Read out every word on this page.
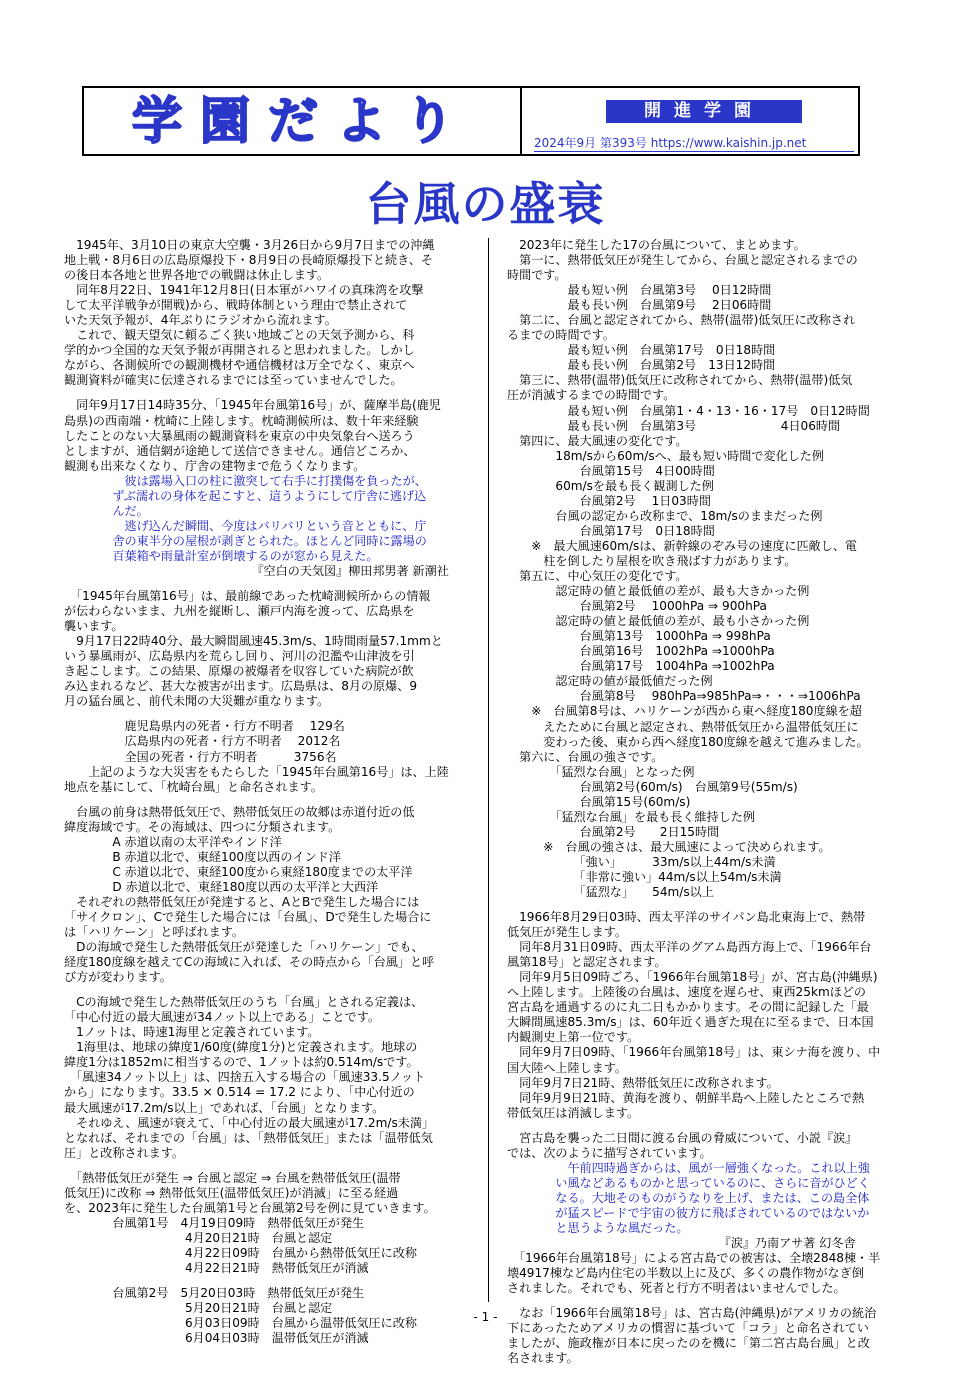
学園だより	開進学園
2024年9月 第393号 https://www.kaishin.jp.net
台風の盛衰

　1945年、3月10日の東京大空襲・3月26日から9月7日までの沖縄

地上戦・8月6日の広島原爆投下・8月9日の長崎原爆投下と続き、そ

の後日本各地と世界各地での戦闘は休止します。

　同年8月22日、1941年12月8日(日本軍がハワイの真珠湾を攻撃

して太平洋戦争が開戦)から、戦時体制という理由で禁止されて

いた天気予報が、4年ぶりにラジオから流れます。

　これで、観天望気に頼るごく狭い地域ごとの天気予測から、科

学的かつ全国的な天気予報が再開されると思われました。しかし

ながら、各測候所での観測機材や通信機材は万全でなく、東京へ

観測資料が確実に伝達されるまでには至っていませんでした。

　同年9月17日14時35分、「1945年台風第16号」が、薩摩半島(鹿児

島県)の西南端・枕崎に上陸します。枕崎測候所は、数十年来経験

したことのない大暴風雨の観測資料を東京の中央気象台へ送ろう

としますが、通信網が途絶して送信できません。通信どころか、

観測も出来なくなり、庁舎の建物まで危うくなります。

　　　　　彼は露場入口の柱に激突して右手に打撲傷を負ったが、

　　　　ずぶ濡れの身体を起こすと、這うようにして庁舎に逃げ込

　　　　んだ。

　　　　　逃げ込んだ瞬間、今度はバリバリという音とともに、庁

　　　　舎の東半分の屋根が剥ぎとられた。ほとんど同時に露場の

　　　　百葉箱や雨量計室が倒壊するのが窓から見えた。

　　　　　　　　　　　　　　　　『空白の天気図』柳田邦男著 新潮社

　「1945年台風第16号」は、最前線であった枕崎測候所からの情報

が伝わらないまま、九州を縦断し、瀬戸内海を渡って、広島県を

襲います。

　9月17日22時40分、最大瞬間風速45.3m/s、1時間雨量57.1mmと

いう暴風雨が、広島県内を荒らし回り、河川の氾濫や山津波を引

き起こします。この結果、原爆の被爆者を収容していた病院が飲

み込まれるなど、甚大な被害が出ます。広島県は、8月の原爆、9

月の猛台風と、前代未聞の大災難が重なります。

　　　　　鹿児島県内の死者・行方不明者　 129名

　　　　　広島県内の死者・行方不明者　 2012名

　　　　　全国の死者・行方不明者　　　3756名

　　上記のような大災害をもたらした「1945年台風第16号」は、上陸

地点を基にして、「枕崎台風」と命名されます。

　台風の前身は熱帯低気圧で、熱帯低気圧の故郷は赤道付近の低

緯度海域です。その海域は、四つに分類されます。

　　　　A 赤道以南の太平洋やインド洋

　　　　B 赤道以北で、東経100度以西のインド洋

　　　　C 赤道以北で、東経100度から東経180度までの太平洋

　　　　D 赤道以北で、東経180度以西の太平洋と大西洋

　それぞれの熱帯低気圧が発達すると、AとBで発生した場合には

「サイクロン」、Cで発生した場合には「台風」、Dで発生した場合に

は「ハリケーン」と呼ばれます。

　Dの海域で発生した熱帯低気圧が発達した「ハリケーン」でも、

経度180度線を越えてCの海域に入れば、その時点から「台風」と呼

び方が変わります。

　Cの海域で発生した熱帯低気圧のうち「台風」とされる定義は、

「中心付近の最大風速が34ノット以上である」ことです。

　1ノットは、時速1海里と定義されています。

　1海里は、地球の緯度1/60度(緯度1分)と定義されます。地球の

緯度1分は1852mに相当するので、1ノットは約0.514m/sです。

　「風速34ノット以上」は、四捨五入する場合の「風速33.5ノット

から」になります。33.5 × 0.514 = 17.2 により、「中心付近の

最大風速が17.2m/s以上」であれば、「台風」となります。

　それゆえ、風速が衰えて、「中心付近の最大風速が17.2m/s未満」

となれば、それまでの「台風」は、「熱帯低気圧」または「温帯低気

圧」と改称されます。

　「熱帯低気圧が発生 ⇒ 台風と認定 ⇒ 台風を熱帯低気圧(温帯

低気圧)に改称 ⇒ 熱帯低気圧(温帯低気圧)が消滅」に至る経過

を、2023年に発生した台風第1号と台風第2号を例に見ていきます。

　　　　台風第1号　4月19日09時　熱帯低気圧が発生

　　　　　　　　　　4月20日21時　台風と認定

　　　　　　　　　　4月22日09時　台風から熱帯低気圧に改称

　　　　　　　　　　4月22日21時　熱帯低気圧が消滅

　　　　台風第2号　5月20日03時　熱帯低気圧が発生

　　　　　　　　　　5月20日21時　台風と認定

　　　　　　　　　　6月03日09時　台風から温帯低気圧に改称

　　　　　　　　　　6月04日03時　温帯低気圧が消滅

　2023年に発生した17の台風について、まとめます。

　第一に、熱帯低気圧が発生してから、台風と認定されるまでの

時間です。

　　　　　最も短い例　台風第3号　 0日12時間

　　　　　最も長い例　台風第9号　 2日06時間

　第二に、台風と認定されてから、熱帯(温帯)低気圧に改称され

るまでの時間です。

　　　　　最も短い例　台風第17号　0日18時間

　　　　　最も長い例　台風第2号　13日12時間

　第三に、熱帯(温帯)低気圧に改称されてから、熱帯(温帯)低気

圧が消滅するまでの時間です。

　　　　　最も短い例　台風第1・4・13・16・17号　0日12時間

　　　　　最も長い例　台風第3号　　　　　　　4日06時間

　第四に、最大風速の変化です。

　　　　18m/sから60m/sへ、最も短い時間で変化した例

　　　　　　台風第15号　4日00時間

　　　　60m/sを最も長く観測した例

　　　　　　台風第2号　 1日03時間

　　　　台風の認定から改称まで、18m/sのままだった例

　　　　　　台風第17号　0日18時間

　　※　最大風速60m/sは、新幹線のぞみ号の速度に匹敵し、電

　　　柱を倒したり屋根を吹き飛ばす力があります。

　第五に、中心気圧の変化です。

　　　　認定時の値と最低値の差が、最も大きかった例

　　　　　　台風第2号　 1000hPa ⇒ 900hPa

　　　　認定時の値と最低値の差が、最も小さかった例

　　　　　　台風第13号　1000hPa ⇒ 998hPa

　　　　　　台風第16号　1002hPa ⇒1000hPa

　　　　　　台風第17号　1004hPa ⇒1002hPa

　　　　認定時の値が最低値だった例

　　　　　　台風第8号　 980hPa⇒985hPa⇒・・・⇒1006hPa

　　※　台風第8号は、ハリケーンが西から東へ経度180度線を超

　　　えたために台風と認定され、熱帯低気圧から温帯低気圧に

　　　変わった後、東から西へ経度180度線を越えて進みました。

　第六に、台風の強さです。

　　　　「猛烈な台風」となった例

　　　　　　台風第2号(60m/s)　台風第9号(55m/s)

　　　　　　台風第15号(60m/s)

　　　　「猛烈な台風」を最も長く維持した例

　　　　　　台風第2号　　2日15時間

　　　※　台風の強さは、最大風速によって決められます。

　　　　　　「強い」　　　33m/s以上44m/s未満

　　　　　　「非常に強い」44m/s以上54m/s未満

　　　　　　「猛烈な」　　54m/s以上

　1966年8月29日03時、西太平洋のサイパン島北東海上で、熱帯

低気圧が発生します。

　同年8月31日09時、西太平洋のグアム島西方海上で、「1966年台

風第18号」と認定されます。

　同年9月5日09時ごろ、「1966年台風第18号」が、宮古島(沖縄県)

へ上陸します。上陸後の台風は、速度を遅らせ、東西25kmほどの

宮古島を通過するのに丸二日もかかります。その間に記録した「最

大瞬間風速85.3m/s」は、60年近く過ぎた現在に至るまで、日本国

内観測史上第一位です。

　同年9月7日09時、「1966年台風第18号」は、東シナ海を渡り、中

国大陸へ上陸します。

　同年9月7日21時、熱帯低気圧に改称されます。

　同年9月9日21時、黄海を渡り、朝鮮半島へ上陸したところで熱

帯低気圧は消滅します。

　宮古島を襲った二日間に渡る台風の脅威について、小説『涙』

では、次のように描写されています。

　　　　　午前四時過ぎからは、風が一層強くなった。これ以上強

　　　　い風などあるものかと思っているのに、さらに音がひどく

　　　　なる。大地そのものがうなりを上げ、または、この島全体

　　　　が猛スピードで宇宙の彼方に飛ばされているのではないか

　　　　と思うような風だった。

　　　　　　　　　　　　　　　　　　『涙』乃南アサ著 幻冬舎

　「1966年台風第18号」による宮古島での被害は、全壊2848棟・半

壊4917棟など島内住宅の半数以上に及び、多くの農作物がなぎ倒

されました。それでも、死者と行方不明者はいませんでした。

　なお「1966年台風第18号」は、宮古島(沖縄県)がアメリカの統治

下にあったためアメリカの慣習に基づいて「コラ」と命名されてい

ましたが、施政権が日本に戻ったのを機に「第二宮古島台風」と改

名されます。

- 1 -
